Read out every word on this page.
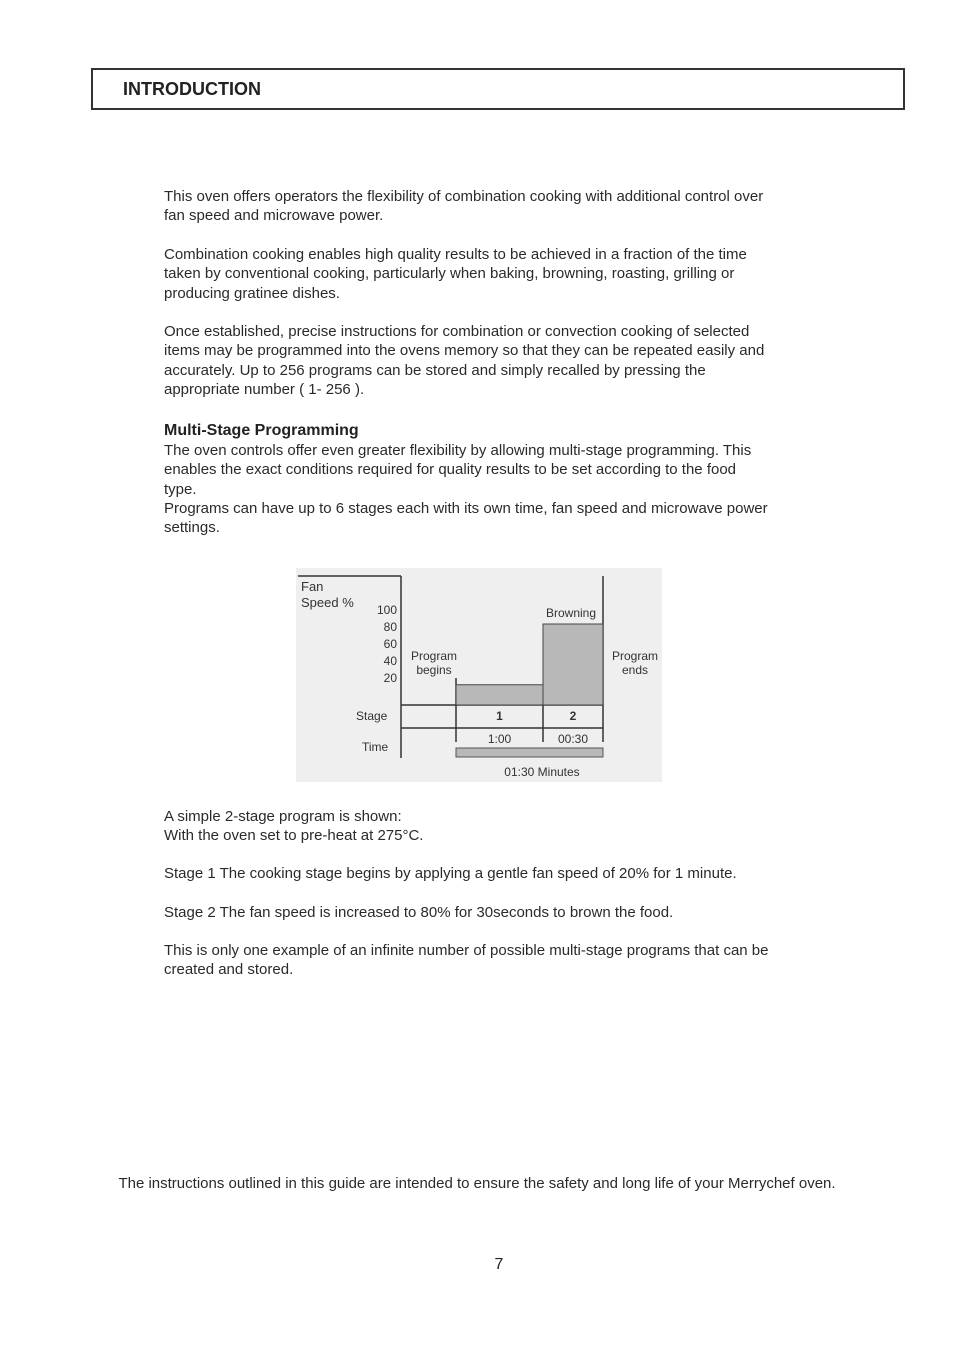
INTRODUCTION

This oven offers operators the flexibility of combination cooking with additional control over

fan speed and microwave power.

Combination cooking enables high quality results to be achieved in a fraction of the time

taken by conventional cooking, particularly when baking, browning, roasting, grilling or

producing gratinee dishes.

Once established, precise instructions for combination or convection cooking of selected

items may be programmed into the ovens memory so that they can be repeated easily and

accurately. Up to 256 programs can be stored and simply recalled by pressing the

appropriate number ( 1- 256 ).

Multi-Stage Programming

The oven controls offer even greater flexibility by allowing multi-stage programming. This

enables the exact conditions required for quality results to be set according to the food

type.

Programs can have up to 6 stages each with its own time, fan speed and microwave power

settings.

Fan
Speed % 100
80
60
40
20
Program
begins
Browning
Program
ends
Stage
Time
01:30 Minutes
1
1:00
2
00:30

A simple 2-stage program is shown:

With the oven set to pre-heat at 275°C.

Stage 1 The cooking stage begins by applying a gentle fan speed of 20% for 1 minute.

Stage 2 The fan speed is increased to 80% for 30seconds to brown the food.

This is only one example of an infinite number of possible multi-stage programs that can be

created and stored.

The instructions outlined in this guide are intended to ensure the safety and long life of your Merrychef oven.
7
